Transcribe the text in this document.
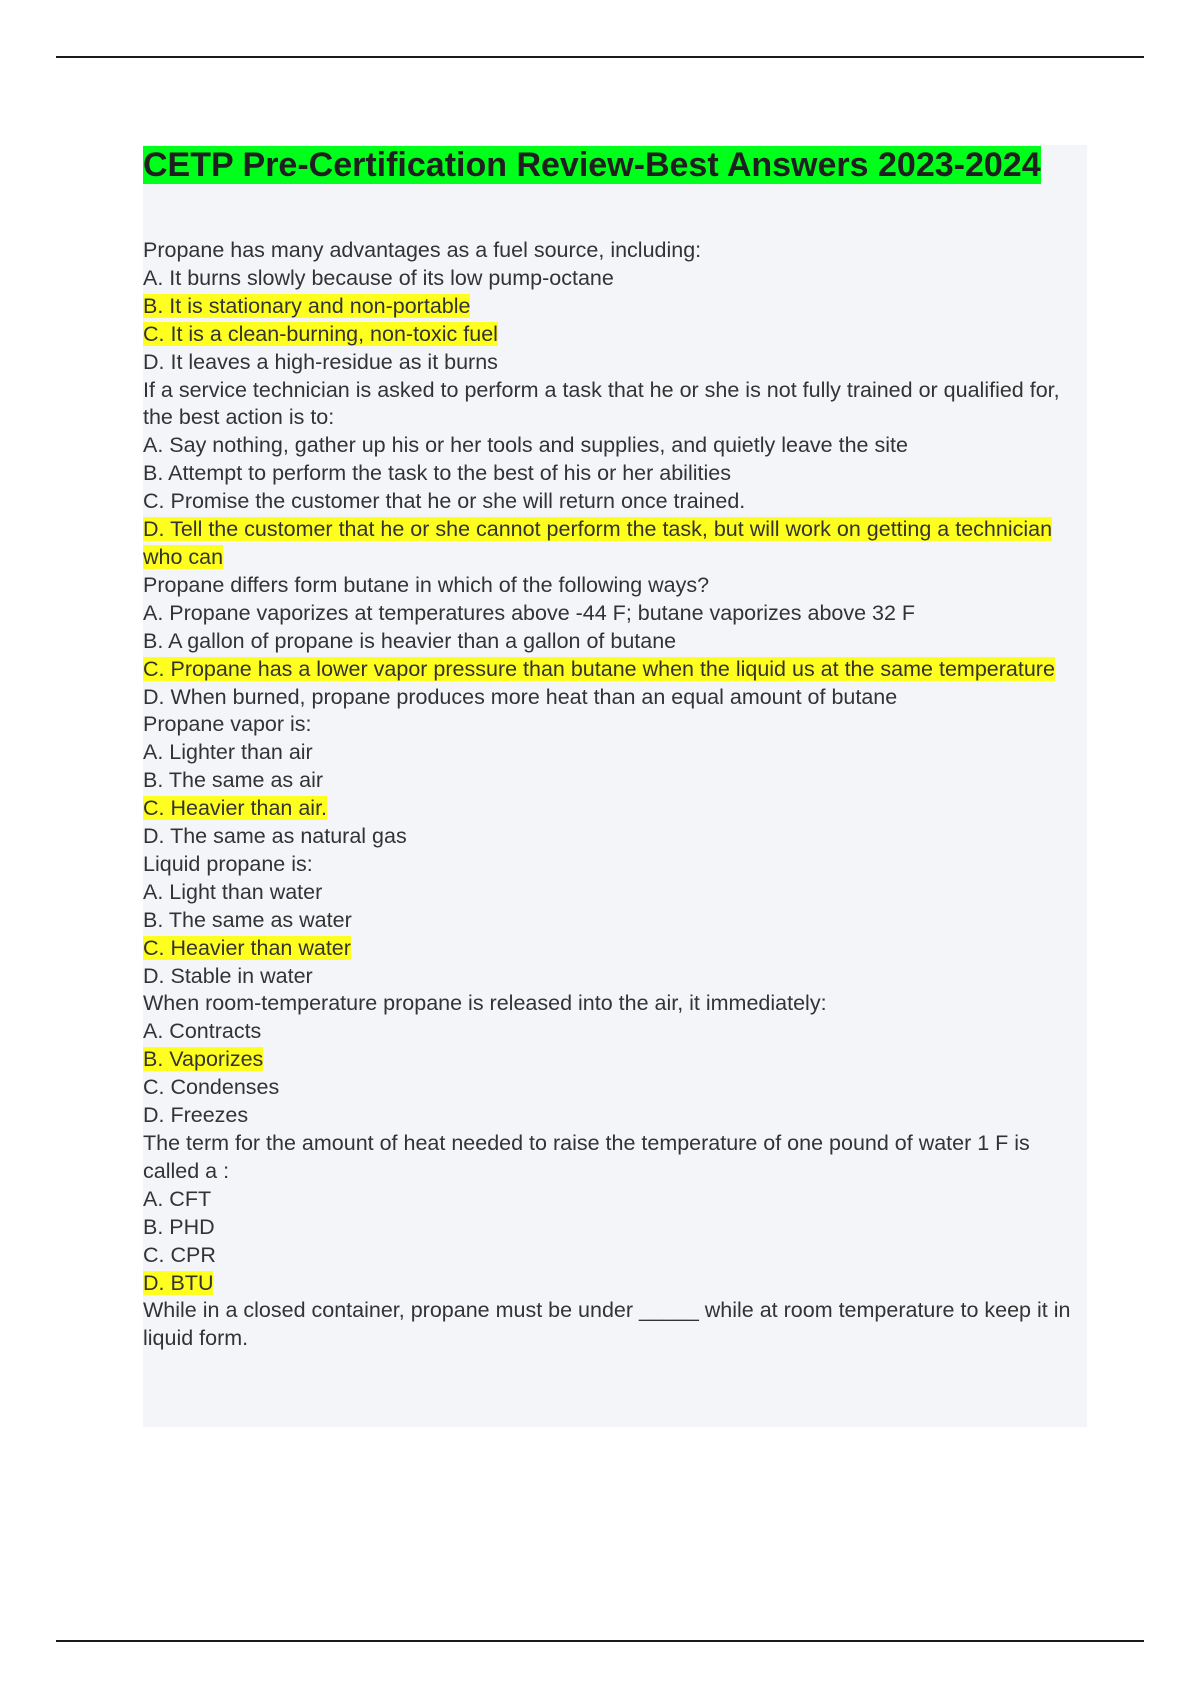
CETP Pre-Certification Review-Best Answers 2023-2024
Propane has many advantages as a fuel source, including:
A. It burns slowly because of its low pump-octane
B. It is stationary and non-portable
C. It is a clean-burning, non-toxic fuel
D. It leaves a high-residue as it burns
If a service technician is asked to perform a task that he or she is not fully trained or qualified for, the best action is to:
A. Say nothing, gather up his or her tools and supplies, and quietly leave the site
B. Attempt to perform the task to the best of his or her abilities
C. Promise the customer that he or she will return once trained.
D. Tell the customer that he or she cannot perform the task, but will work on getting a technician who can
Propane differs form butane in which of the following ways?
A. Propane vaporizes at temperatures above -44 F; butane vaporizes above 32 F
B. A gallon of propane is heavier than a gallon of butane
C. Propane has a lower vapor pressure than butane when the liquid us at the same temperature
D. When burned, propane produces more heat than an equal amount of butane
Propane vapor is:
A. Lighter than air
B. The same as air
C. Heavier than air.
D. The same as natural gas
Liquid propane is:
A. Light than water
B. The same as water
C. Heavier than water
D. Stable in water
When room-temperature propane is released into the air, it immediately:
A. Contracts
B. Vaporizes
C. Condenses
D. Freezes
The term for the amount of heat needed to raise the temperature of one pound of water 1 F is called a :
A. CFT
B. PHD
C. CPR
D. BTU
While in a closed container, propane must be under _____ while at room temperature to keep it in liquid form.
